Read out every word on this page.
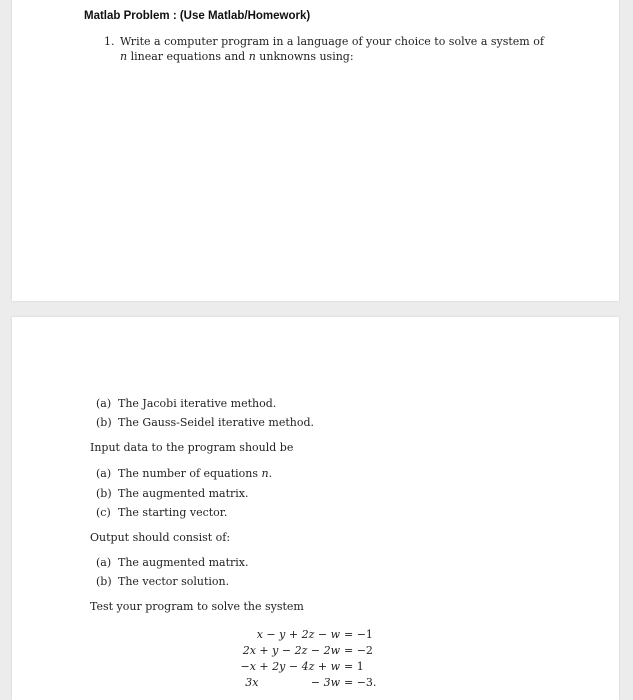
Matlab Problem : (Use Matlab/Homework)
1. Write a computer program in a language of your choice to solve a system of
n linear equations and n unknowns using:
(a) The Jacobi iterative method.
(b) The Gauss-Seidel iterative method.
Input data to the program should be
(a) The number of equations n.
(b) The augmented matrix.
(c) The starting vector.
Output should consist of:
(a) The augmented matrix.
(b) The vector solution.
Test your program to solve the system
x − y + 2z − w = −1
2x + y − 2z − 2w = −2
−x + 2y − 4z + w = 1
3x               − 3w = −3.
